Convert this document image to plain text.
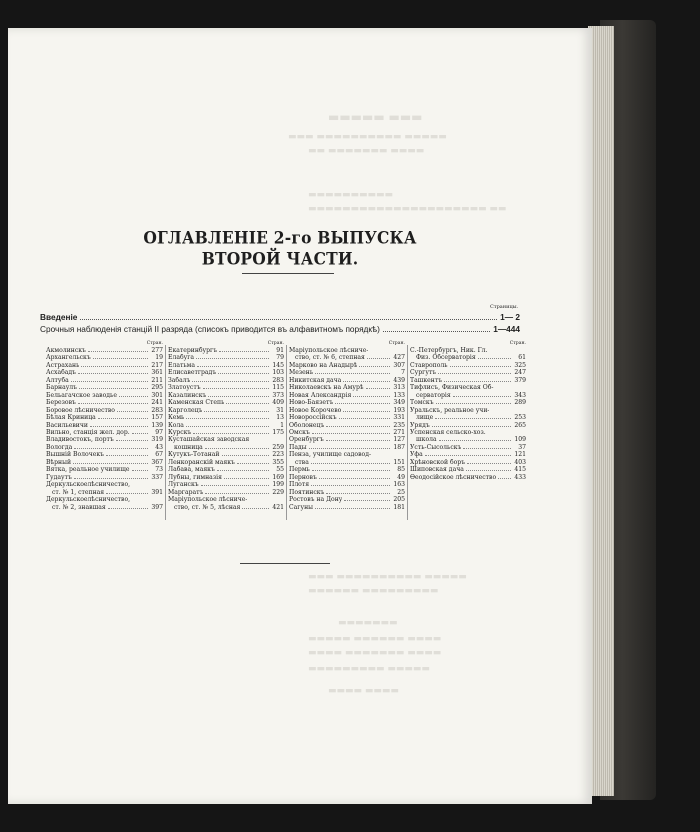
▬▬▬▬▬ ▬▬▬
▬▬▬ ▬▬▬▬▬▬▬▬▬▬ ▬▬▬▬▬
▬▬ ▬▬▬▬▬▬▬ ▬▬▬▬
▬▬▬▬▬▬▬▬▬▬
▬▬▬▬▬▬▬▬▬▬▬▬▬▬▬▬▬▬▬▬▬ ▬▬
▬▬▬ ▬▬▬▬▬▬▬▬▬▬ ▬▬▬▬▬
▬▬▬▬▬▬ ▬▬▬▬▬▬▬▬▬
▬▬▬▬▬▬▬
▬▬▬▬▬ ▬▬▬▬▬▬ ▬▬▬▬
▬▬▬▬ ▬▬▬▬▬▬▬ ▬▬▬▬
▬▬▬▬▬▬▬▬▬ ▬▬▬▬▬
▬▬▬▬ ▬▬▬▬
ОГЛАВЛЕНІЕ 2-го ВЫПУСКА ВТОРОЙ ЧАСТИ.
Страницы.
Введеніе	1— 2
Срочныя наблюденія станцій II разряда (списокъ приводится въ алфавитномъ порядкѣ)	1—444
Стран.
Акмолинскъ	277
Архангельскъ	19
Астрахань	217
Асхабадъ	361
Алтуба	211
Барнаулъ	295
Бельагачское заводье	301
Березовъ	241
Боровое лѣсничество	283
Бѣлая Криница	157
Васильевичи	139
Вильно, станція жел. дор.	97
Владивостокъ, портъ	319
Вологда	43
Вышній Волочекъ	67
Вѣрный	367
Вятка, реальное училище	73
Гудаутъ	337
Деркульскоелѣсничество,
ст. № 1, степная	391
Деркульскоелѣсничество,
ст. № 2, знавшая	397
Стран.
Екатеринбургъ	91
Елабуга	79
Елатьма	145
Елисаветградъ	103
Забалъ	283
Златоустъ	115
Казалинскъ	373
Каменская Степь	409
Карголецъ	31
Кемь	13
Кола	1
Курскъ	175
Кусташайская заводская
кошница	259
Кутукъ-Тотанай	223
Ленкоранскій маякъ	355
Лабава, маякъ	55
Лубны, гимназія	169
Луганскъ	199
Маргаратъ	229
Маріупольское лѣсниче-
ство, ст. № 5, лѣсная	421
Стран.
Маріупольское лѣсниче-
ство, ст. № 6, степная	427
Марково на Анадырѣ	307
Мезень	7
Никитская дача	439
Николаевскъ на Амурѣ	313
Новая Александрія	133
Ново-Баязетъ	349
Новое Корочево	193
Новороссійскъ	331
Оболонецъ	235
Омскъ	271
Оренбургъ	127
Пады	187
Пенза, училище садовод-
ства	151
Пермь	85
Перновъ	49
Плотя	163
Поятинскъ	25
Ростовъ на Дону	205
Сагуны	181
Стран.
С.-Петербургъ, Ник. Гл.
Физ. Обсерваторія	61
Ставрополь	325
Сургутъ	247
Ташкентъ	379
Тифлисъ, Физическая Об-
серваторія	343
Томскъ	289
Уральскъ, реальное учи-
лище	253
Урядъ	265
Успенская сельско-хоз.
школа	109
Усть-Сысольскъ	37
Уфа	121
Хрѣновской боръ	403
Шиповская дача	415
Ѳеодосійское лѣсничество	433
